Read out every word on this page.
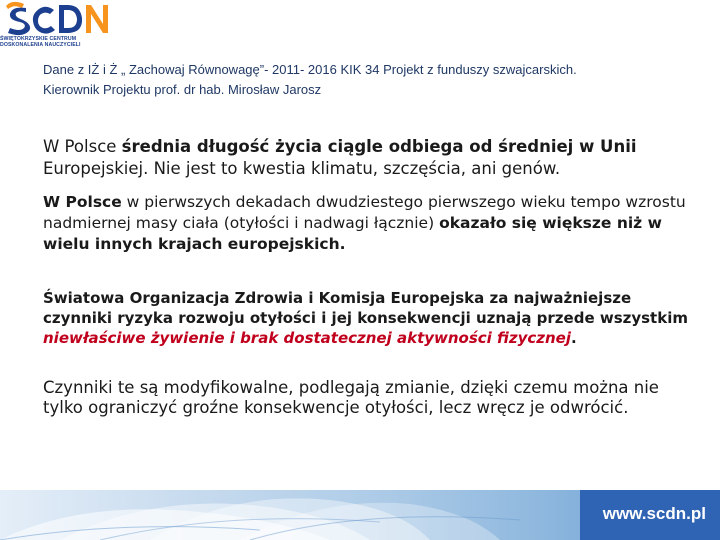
ŚWIĘTOKRZYSKIE CENTRUM
DOSKONALENIA NAUCZYCIELI
Dane z IŻ i Ż „ Zachowaj Równowagę”- 2011- 2016 KIK 34 Projekt z funduszy szwajcarskich.
Kierownik Projektu prof. dr hab. Mirosław Jarosz
W Polsce średnia długość życia ciągle odbiega od średniej w Unii Europejskiej. Nie jest to kwestia klimatu, szczęścia, ani genów.
W Polsce w pierwszych dekadach dwudziestego pierwszego wieku tempo wzrostu nadmiernej masy ciała (otyłości i nadwagi łącznie) okazało się większe niż w wielu innych krajach europejskich.
Światowa Organizacja Zdrowia i Komisja Europejska za najważniejsze czynniki ryzyka rozwoju otyłości i jej konsekwencji uznają przede wszystkim niewłaściwe żywienie i brak dostatecznej aktywności fizycznej.
Czynniki te są modyfikowalne, podlegają zmianie, dzięki czemu można nie tylko ograniczyć groźne konsekwencje otyłości, lecz wręcz je odwrócić.
www.scdn.pl
